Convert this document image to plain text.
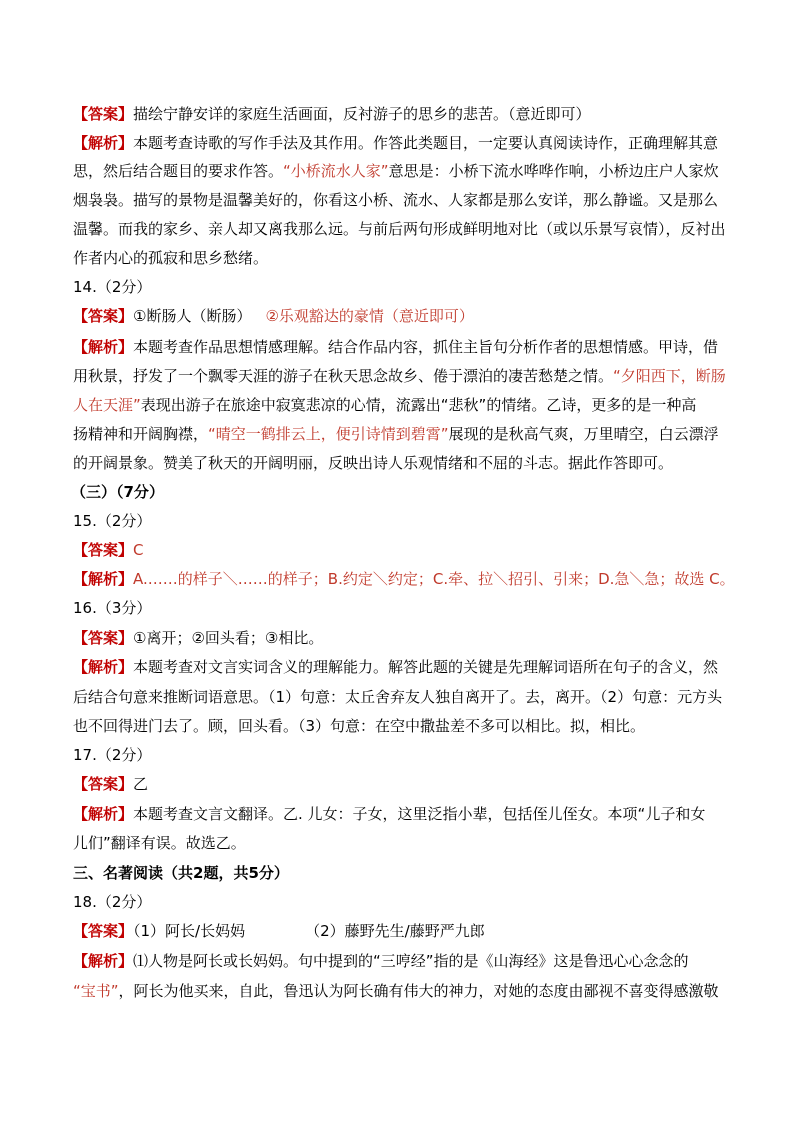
【答案】描绘宁静安详的家庭生活画面，反衬游子的思乡的悲苦。（意近即可）
【解析】本题考查诗歌的写作手法及其作用。作答此类题目，一定要认真阅读诗作，正确理解其意
思，然后结合题目的要求作答。“小桥流水人家”意思是：小桥下流水哗哗作响，小桥边庄户人家炊
烟袅袅。描写的景物是温馨美好的，你看这小桥、流水、人家都是那么安详，那么静谧。又是那么
温馨。而我的家乡、亲人却又离我那么远。与前后两句形成鲜明地对比（或以乐景写哀情），反衬出
作者内心的孤寂和思乡愁绪。
14.（2分）
【答案】①断肠人（断肠） ②乐观豁达的豪情（意近即可）
【解析】本题考查作品思想情感理解。结合作品内容，抓住主旨句分析作者的思想情感。甲诗，借
用秋景，抒发了一个飘零天涯的游子在秋天思念故乡、倦于漂泊的凄苦愁楚之情。“夕阳西下，断肠
人在天涯”表现出游子在旅途中寂寞悲凉的心情，流露出“悲秋”的情绪。乙诗，更多的是一种高
扬精神和开阔胸襟，“晴空一鹤排云上，便引诗情到碧霄”展现的是秋高气爽，万里晴空，白云漂浮
的开阔景象。赞美了秋天的开阔明丽，反映出诗人乐观情绪和不屈的斗志。据此作答即可。
（三）（7分）
15.（2分）
【答案】C
【解析】A.……的样子＼……的样子；B.约定＼约定；C.牵、拉＼招引、引来；D.急＼急；故选 C。
16.（3分）
【答案】①离开；②回头看；③相比。
【解析】本题考查对文言实词含义的理解能力。解答此题的关键是先理解词语所在句子的含义，然
后结合句意来推断词语意思。（1）句意：太丘舍弃友人独自离开了。去，离开。（2）句意：元方头
也不回得进门去了。顾，回头看。（3）句意：在空中撒盐差不多可以相比。拟，相比。
17.（2分）
【答案】乙
【解析】本题考查文言文翻译。乙. 儿女：子女，这里泛指小辈，包括侄儿侄女。本项“儿子和女
儿们”翻译有误。故选乙。
三、名著阅读（共2题，共5分）
18.（2分）
【答案】（1）阿长/长妈妈	（2）藤野先生/藤野严九郎
【解析】⑴人物是阿长或长妈妈。句中提到的“三哼经”指的是《山海经》这是鲁迅心心念念的
“宝书”，阿长为他买来，自此，鲁迅认为阿长确有伟大的神力，对她的态度由鄙视不喜变得感激敬
